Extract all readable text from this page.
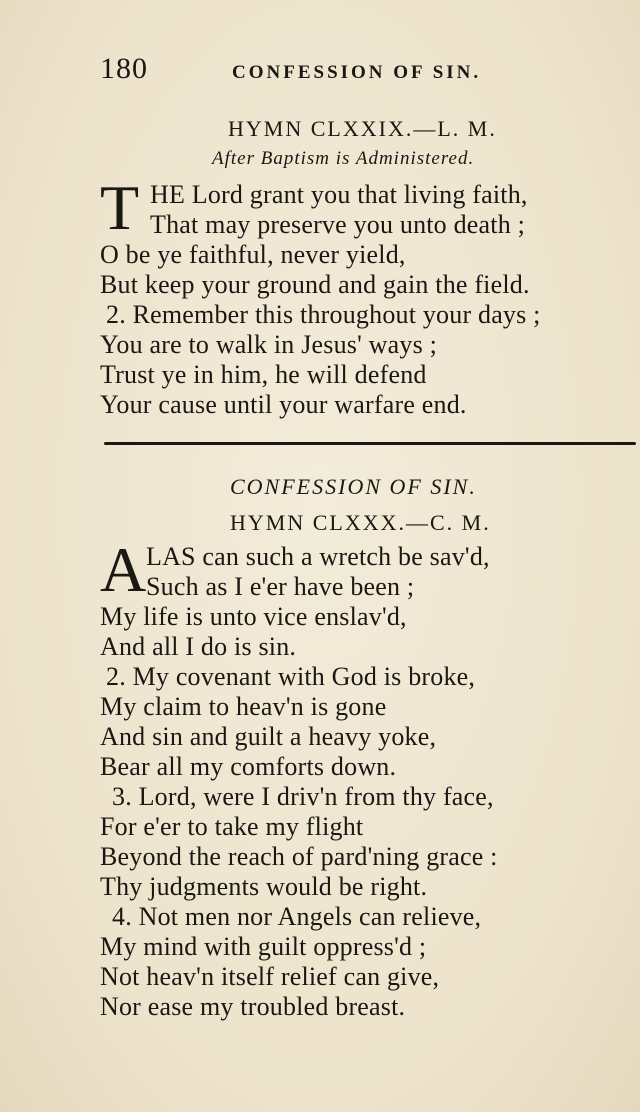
180	CONFESSION OF SIN.
HYMN CLXXIX.—L. M.
After Baptism is Administered.
T HE Lord grant you that living faith,
That may preserve you unto death ;
O be ye faithful, never yield,
But keep your ground and gain the field.
2. Remember this throughout your days ;
You are to walk in Jesus' ways ;
Trust ye in him, he will defend
Your cause until your warfare end.
CONFESSION OF SIN.
HYMN CLXXX.—C. M.
A LAS can such a wretch be sav'd,
Such as I e'er have been ;
My life is unto vice enslav'd,
And all I do is sin.
2. My covenant with God is broke,
My claim to heav'n is gone
And sin and guilt a heavy yoke,
Bear all my comforts down.
3. Lord, were I driv'n from thy face,
For e'er to take my flight
Beyond the reach of pard'ning grace :
Thy judgments would be right.
4. Not men nor Angels can relieve,
My mind with guilt oppress'd ;
Not heav'n itself relief can give,
Nor ease my troubled breast.
